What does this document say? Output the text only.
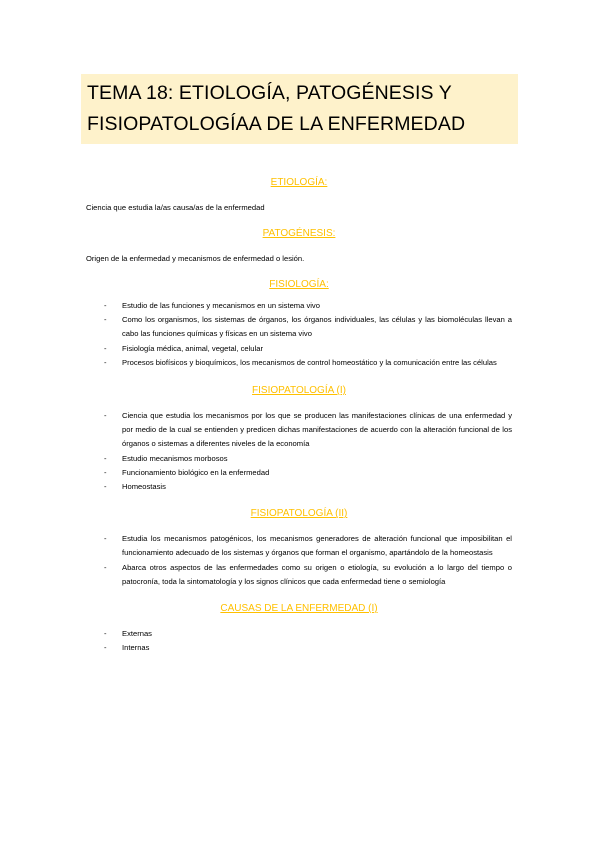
TEMA 18: ETIOLOGÍA, PATOGÉNESIS Y
FISIOPATOLOGÍAA DE LA ENFERMEDAD

ETIOLOGÍA:

Ciencia que estudia la/as causa/as de la enfermedad

PATOGÉNESIS:

Origen de la enfermedad y mecanismos de enfermedad o lesión.

FISIOLOGÍA:

- Estudio de las funciones y mecanismos en un sistema vivo
- Como los organismos, los sistemas de órganos, los órganos individuales, las células y las biomoléculas llevan a cabo las funciones químicas y físicas en un sistema vivo
- Fisiología médica, animal, vegetal, celular
- Procesos biofísicos y bioquímicos, los mecanismos de control homeostático y la comunicación entre las células

FISIOPATOLOGÍA (I)

- Ciencia que estudia los mecanismos por los que se producen las manifestaciones clínicas de una enfermedad y por medio de la cual se entienden y predicen dichas manifestaciones de acuerdo con la alteración funcional de los órganos o sistemas a diferentes niveles de la economía
- Estudio mecanismos morbosos
- Funcionamiento biológico en la enfermedad
- Homeostasis

FISIOPATOLOGÍA (II)

- Estudia los mecanismos patogénicos, los mecanismos generadores de alteración funcional que imposibilitan el funcionamiento adecuado de los sistemas y órganos que forman el organismo, apartándolo de la homeostasis
- Abarca otros aspectos de las enfermedades como su origen o etiología, su evolución a lo largo del tiempo o patocronía, toda la sintomatología y los signos clínicos que cada enfermedad tiene o semiología

CAUSAS DE LA ENFERMEDAD (I)

- Externas
- Internas
